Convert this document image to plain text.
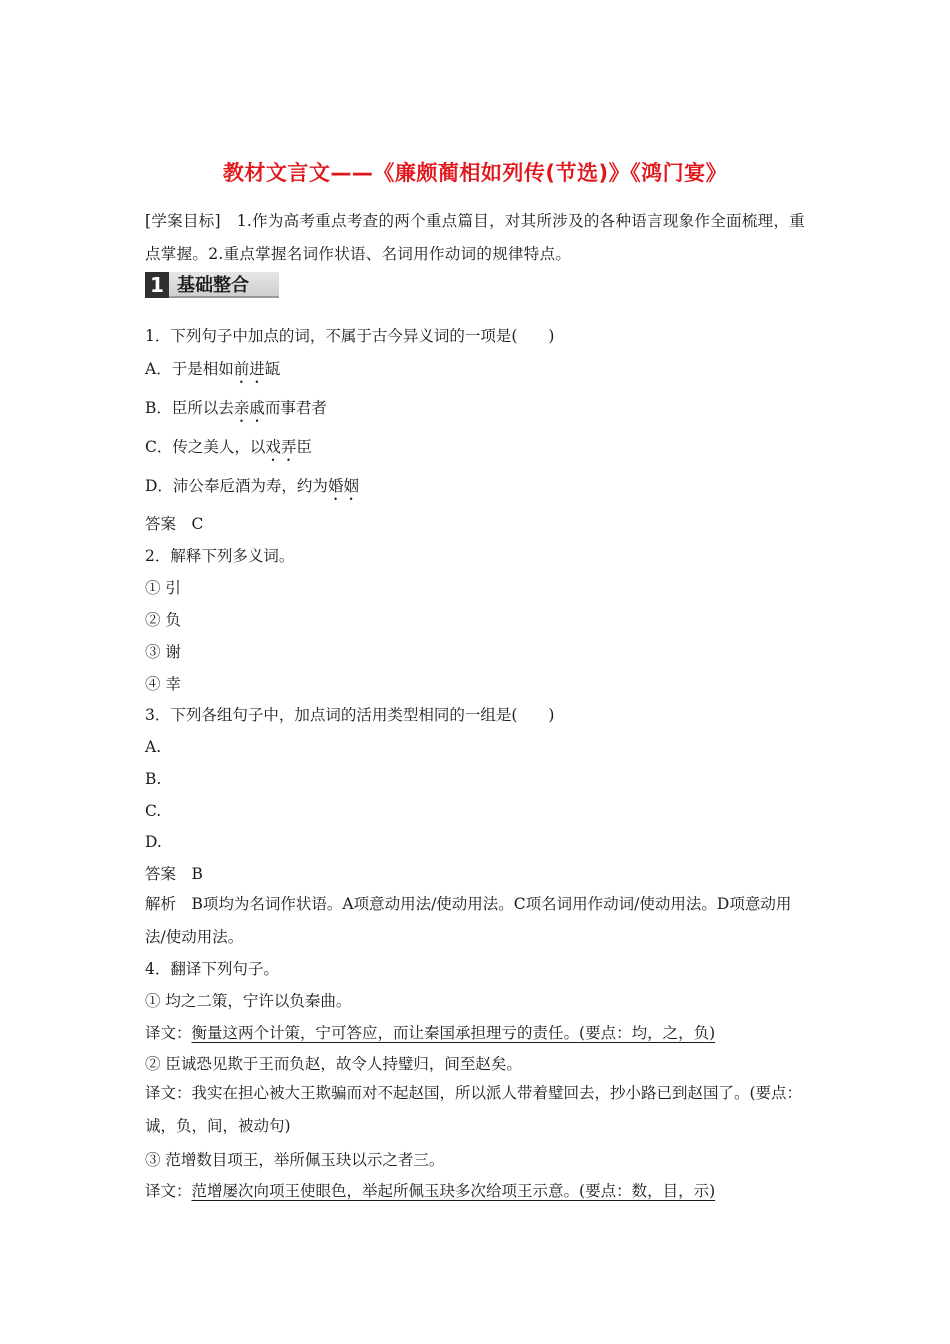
教材文言文——《廉颇蔺相如列传(节选)》《鸿门宴》
[学案目标]　1.作为高考重点考查的两个重点篇目，对其所涉及的各种语言现象作全面梳理，重点掌握。2.重点掌握名词作状语、名词用作动词的规律特点。
1 基础整合
1．下列句子中加点的词，不属于古今异义词的一项是(　　)
A．于是相如前进缻
B．臣所以去亲戚而事君者
C．传之美人，以戏弄臣
D．沛公奉卮酒为寿，约为婚姻
答案　C
2．解释下列多义词。
① 引
② 负
③ 谢
④ 幸
3．下列各组句子中，加点词的活用类型相同的一组是(　　)
A.
B.
C.
D.
答案　B
解析　B项均为名词作状语。A项意动用法/使动用法。C项名词用作动词/使动用法。D项意动用法/使动用法。
4．翻译下列句子。
① 均之二策，宁许以负秦曲。
译文：衡量这两个计策，宁可答应，而让秦国承担理亏的责任。(要点：均，之，负)
② 臣诚恐见欺于王而负赵，故令人持璧归，间至赵矣。
译文：我实在担心被大王欺骗而对不起赵国，所以派人带着璧回去，抄小路已到赵国了。(要点：诚，负，间，被动句)
③ 范增数目项王，举所佩玉玦以示之者三。
译文：范增屡次向项王使眼色，举起所佩玉玦多次给项王示意。(要点：数，目，示)
